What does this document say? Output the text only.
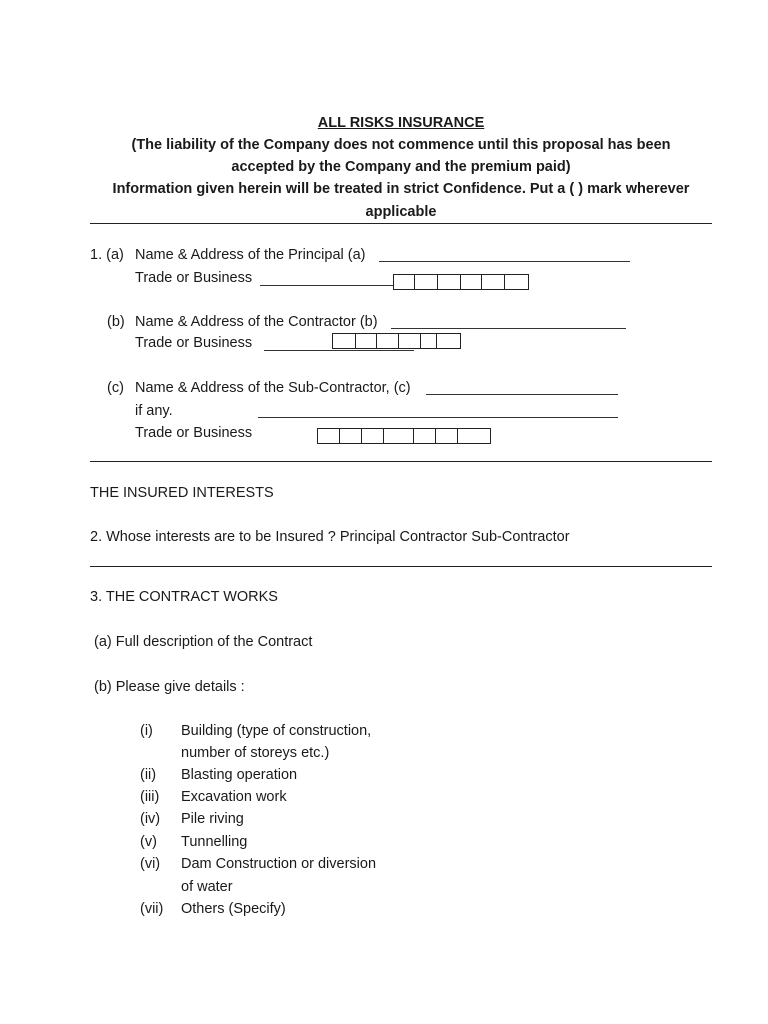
ALL RISKS INSURANCE
(The liability of the Company does not commence until this proposal has been
accepted by the Company and the premium paid)
Information given herein will be treated in strict Confidence. Put a ( ) mark wherever
applicable
1. (a) Name & Address of the Principal (a)
Trade or Business
(b) Name & Address of the Contractor (b)
Trade or Business
(c) Name & Address of the Sub-Contractor, (c)
if any.
Trade or Business
THE INSURED INTERESTS
2. Whose interests are to be Insured ? Principal Contractor Sub-Contractor
3. THE CONTRACT WORKS
(a) Full description of the Contract
(b) Please give details :
(i) Building (type of construction,
number of storeys etc.)
(ii) Blasting operation
(iii) Excavation work
(iv) Pile riving
(v) Tunnelling
(vi) Dam Construction or diversion
of water
(vii) Others (Specify)
